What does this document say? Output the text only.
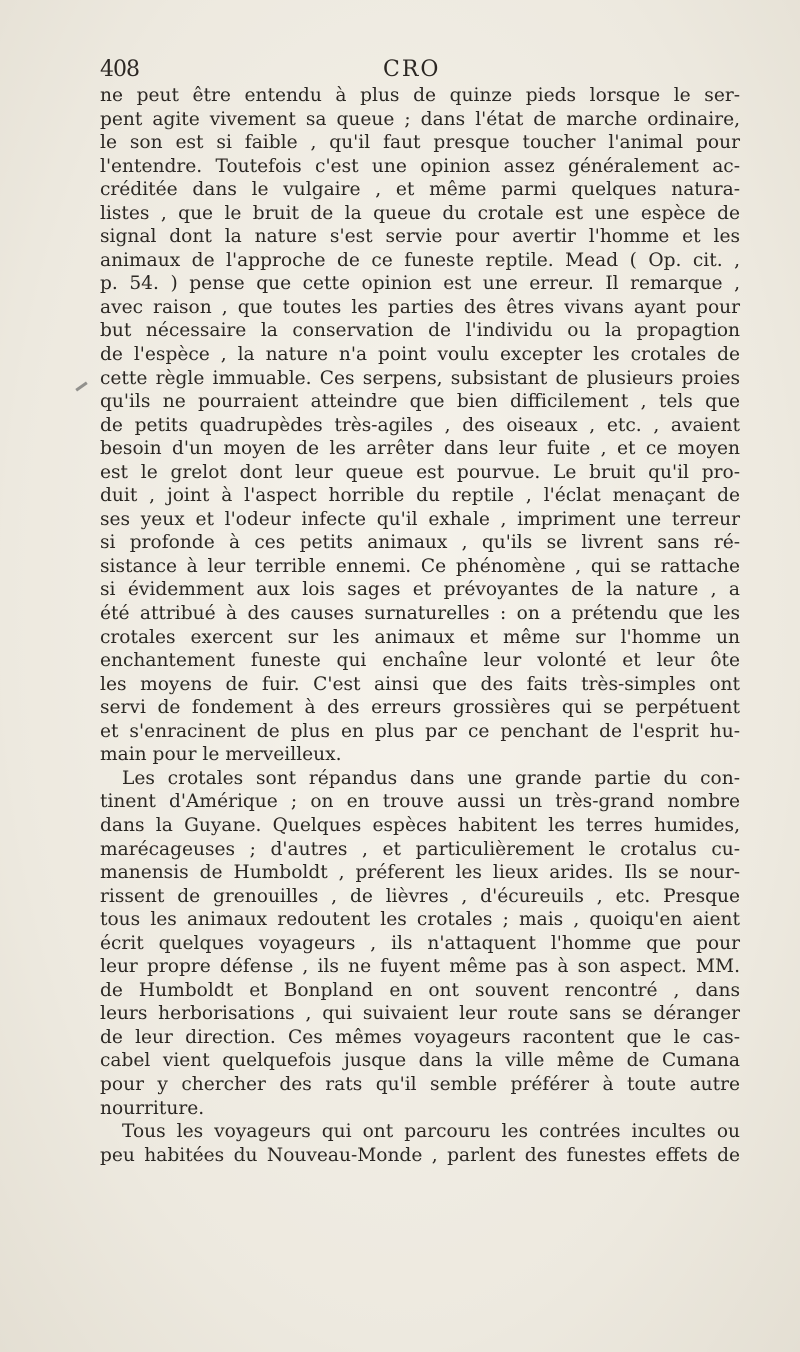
408	CRO
ne peut être entendu à plus de quinze pieds lorsque le ser-
pent agite vivement sa queue ; dans l'état de marche ordinaire,
le son est si faible , qu'il faut presque toucher l'animal pour
l'entendre. Toutefois c'est une opinion assez généralement ac-
créditée dans le vulgaire , et même parmi quelques natura-
listes , que le bruit de la queue du crotale est une espèce de
signal dont la nature s'est servie pour avertir l'homme et les
animaux de l'approche de ce funeste reptile. Mead ( Op. cit. ,
p. 54. ) pense que cette opinion est une erreur. Il remarque ,
avec raison , que toutes les parties des êtres vivans ayant pour
but nécessaire la conservation de l'individu ou la propagtion
de l'espèce , la nature n'a point voulu excepter les crotales de
cette règle immuable. Ces serpens, subsistant de plusieurs proies
qu'ils ne pourraient atteindre que bien difficilement , tels que
de petits quadrupèdes très-agiles , des oiseaux , etc. , avaient
besoin d'un moyen de les arrêter dans leur fuite , et ce moyen
est le grelot dont leur queue est pourvue. Le bruit qu'il pro-
duit , joint à l'aspect horrible du reptile , l'éclat menaçant de
ses yeux et l'odeur infecte qu'il exhale , impriment une terreur
si profonde à ces petits animaux , qu'ils se livrent sans ré-
sistance à leur terrible ennemi. Ce phénomène , qui se rattache
si évidemment aux lois sages et prévoyantes de la nature , a
été attribué à des causes surnaturelles : on a prétendu que les
crotales exercent sur les animaux et même sur l'homme un
enchantement funeste qui enchaîne leur volonté et leur ôte
les moyens de fuir. C'est ainsi que des faits très-simples ont
servi de fondement à des erreurs grossières qui se perpétuent
et s'enracinent de plus en plus par ce penchant de l'esprit hu-
main pour le merveilleux.
Les crotales sont répandus dans une grande partie du con-
tinent d'Amérique ; on en trouve aussi un très-grand nombre
dans la Guyane. Quelques espèces habitent les terres humides,
marécageuses ; d'autres , et particulièrement le crotalus cu-
manensis de Humboldt , préferent les lieux arides. Ils se nour-
rissent de grenouilles , de lièvres , d'écureuils , etc. Presque
tous les animaux redoutent les crotales ; mais , quoiqu'en aient
écrit quelques voyageurs , ils n'attaquent l'homme que pour
leur propre défense , ils ne fuyent même pas à son aspect. MM.
de Humboldt et Bonpland en ont souvent rencontré , dans
leurs herborisations , qui suivaient leur route sans se déranger
de leur direction. Ces mêmes voyageurs racontent que le cas-
cabel vient quelquefois jusque dans la ville même de Cumana
pour y chercher des rats qu'il semble préférer à toute autre
nourriture.
Tous les voyageurs qui ont parcouru les contrées incultes ou
peu habitées du Nouveau-Monde , parlent des funestes effets de
